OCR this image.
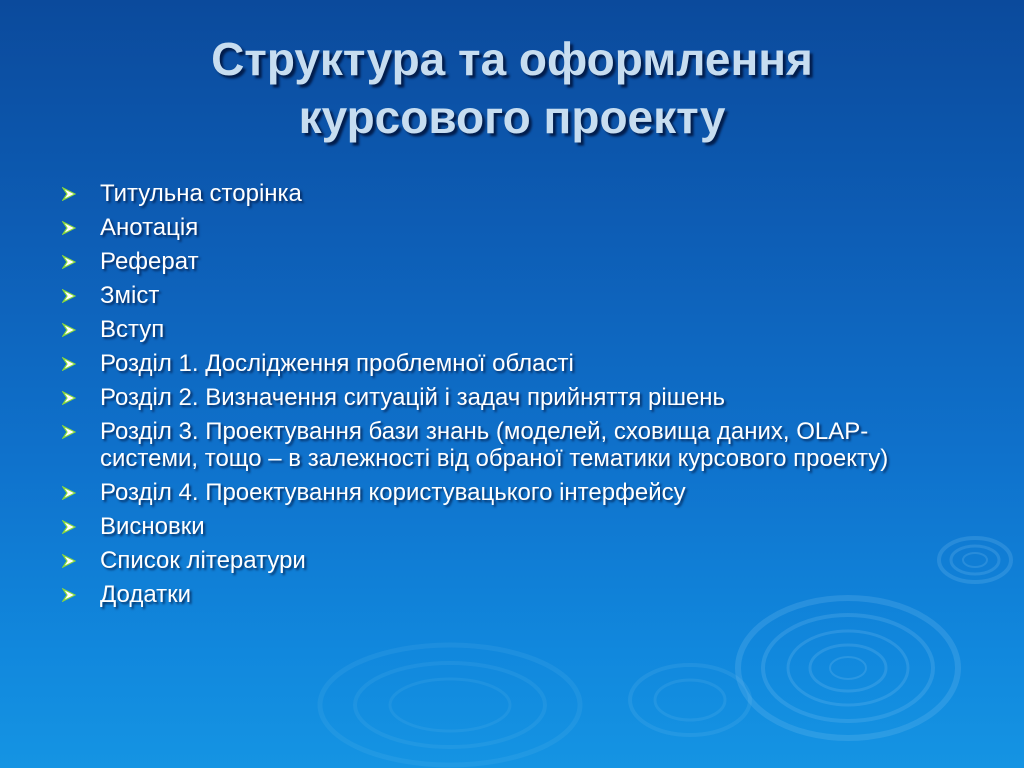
Структура та оформлення
курсового проекту
Титульна сторінка
Анотація
Реферат
Зміст
Вступ
Розділ 1. Дослідження проблемної області
Розділ 2. Визначення ситуацій і задач прийняття рішень
Розділ 3. Проектування бази знань (моделей, сховища даних, OLAP- системи, тощо – в залежності від обраної тематики курсового проекту)
Розділ 4. Проектування користувацького інтерфейсу
Висновки
Список літератури
Додатки
